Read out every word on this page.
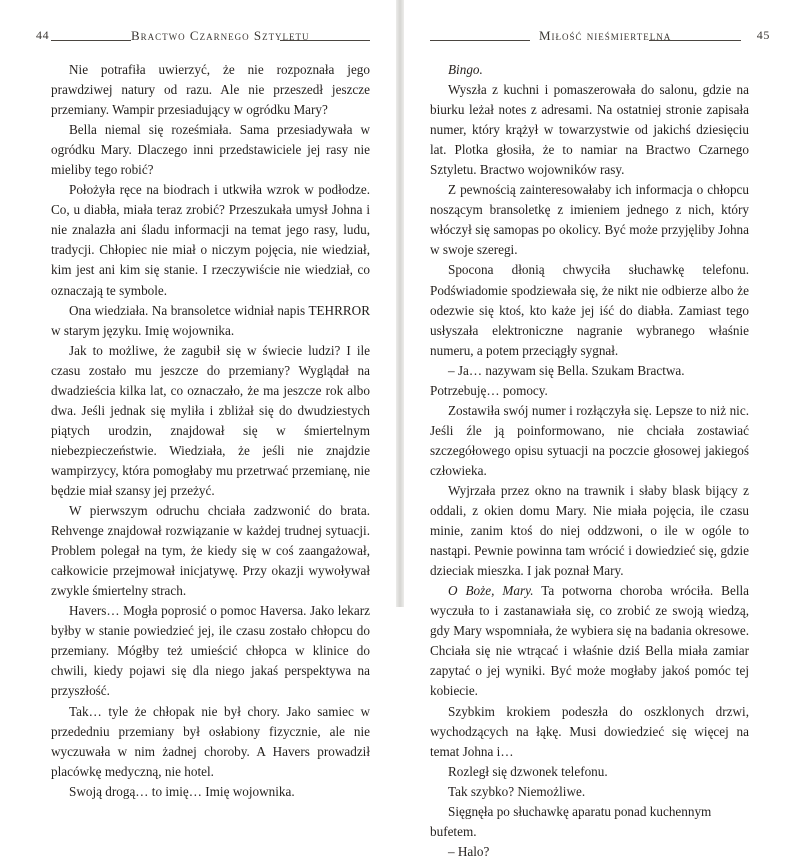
44	Bractwo Czarnego Sztyletu

Nie potrafiła uwierzyć, że nie rozpoznała jego prawdziwej natury od razu. Ale nie przeszedł jeszcze przemiany. Wampir przesiadujący w ogródku Mary?

Bella niemal się roześmiała. Sama przesiadywała w ogródku Mary. Dlaczego inni przedstawiciele jej rasy nie mieliby tego robić?

Położyła ręce na biodrach i utkwiła wzrok w podłodze. Co, u diabła, miała teraz zrobić? Przeszukała umysł Johna i nie znalazła ani śladu informacji na temat jego rasy, ludu, tradycji. Chłopiec nie miał o niczym pojęcia, nie wiedział, kim jest ani kim się stanie. I rzeczywiście nie wiedział, co oznaczają te symbole.

Ona wiedziała. Na bransoletce widniał napis TEHRROR w starym języku. Imię wojownika.

Jak to możliwe, że zagubił się w świecie ludzi? I ile czasu zostało mu jeszcze do przemiany? Wyglądał na dwadzieścia kilka lat, co oznaczało, że ma jeszcze rok albo dwa. Jeśli jednak się myliła i zbliżał się do dwudziestych piątych urodzin, znajdował się w śmiertelnym niebezpieczeństwie. Wiedziała, że jeśli nie znajdzie wampirzycy, która pomogłaby mu przetrwać przemianę, nie będzie miał szansy jej przeżyć.

W pierwszym odruchu chciała zadzwonić do brata. Rehvenge znajdował rozwiązanie w każdej trudnej sytuacji. Problem polegał na tym, że kiedy się w coś zaangażował, całkowicie przejmował inicjatywę. Przy okazji wywoływał zwykle śmiertelny strach.

Havers… Mogła poprosić o pomoc Haversa. Jako lekarz byłby w stanie powiedzieć jej, ile czasu zostało chłopcu do przemiany. Mógłby też umieścić chłopca w klinice do chwili, kiedy pojawi się dla niego jakaś perspektywa na przyszłość.

Tak… tyle że chłopak nie był chory. Jako samiec w przededniu przemiany był osłabiony fizycznie, ale nie wyczuwała w nim żadnej choroby. A Havers prowadził placówkę medyczną, nie hotel.

Swoją drogą… to imię… Imię wojownika.

Miłość nieśmiertelna	45

Bingo.

Wyszła z kuchni i pomaszerowała do salonu, gdzie na biurku leżał notes z adresami. Na ostatniej stronie zapisała numer, który krążył w towarzystwie od jakichś dziesięciu lat. Plotka głosiła, że to namiar na Bractwo Czarnego Sztyletu. Bractwo wojowników rasy.

Z pewnością zainteresowałaby ich informacja o chłopcu noszącym bransoletkę z imieniem jednego z nich, który włóczył się samopas po okolicy. Być może przyjęliby Johna w swoje szeregi.

Spocona dłonią chwyciła słuchawkę telefonu. Podświadomie spodziewała się, że nikt nie odbierze albo że odezwie się ktoś, kto każe jej iść do diabła. Zamiast tego usłyszała elektroniczne nagranie wybranego właśnie numeru, a potem przeciągły sygnał.

– Ja… nazywam się Bella. Szukam Bractwa. Potrzebuję… pomocy.

Zostawiła swój numer i rozłączyła się. Lepsze to niż nic. Jeśli źle ją poinformowano, nie chciała zostawiać szczegółowego opisu sytuacji na poczcie głosowej jakiegoś człowieka.

Wyjrzała przez okno na trawnik i słaby blask bijący z oddali, z okien domu Mary. Nie miała pojęcia, ile czasu minie, zanim ktoś do niej oddzwoni, o ile w ogóle to nastąpi. Pewnie powinna tam wrócić i dowiedzieć się, gdzie dzieciak mieszka. I jak poznał Mary.

O Boże, Mary. Ta potworna choroba wróciła. Bella wyczuła to i zastanawiała się, co zrobić ze swoją wiedzą, gdy Mary wspomniała, że wybiera się na badania okresowe. Chciała się nie wtrącać i właśnie dziś Bella miała zamiar zapytać o jej wyniki. Być może mogłaby jakoś pomóc tej kobiecie.

Szybkim krokiem podeszła do oszklonych drzwi, wychodzących na łąkę. Musi dowiedzieć się więcej na temat Johna i…

Rozległ się dzwonek telefonu.

Tak szybko? Niemożliwe.

Sięgnęła po słuchawkę aparatu ponad kuchennym bufetem.

– Halo?
